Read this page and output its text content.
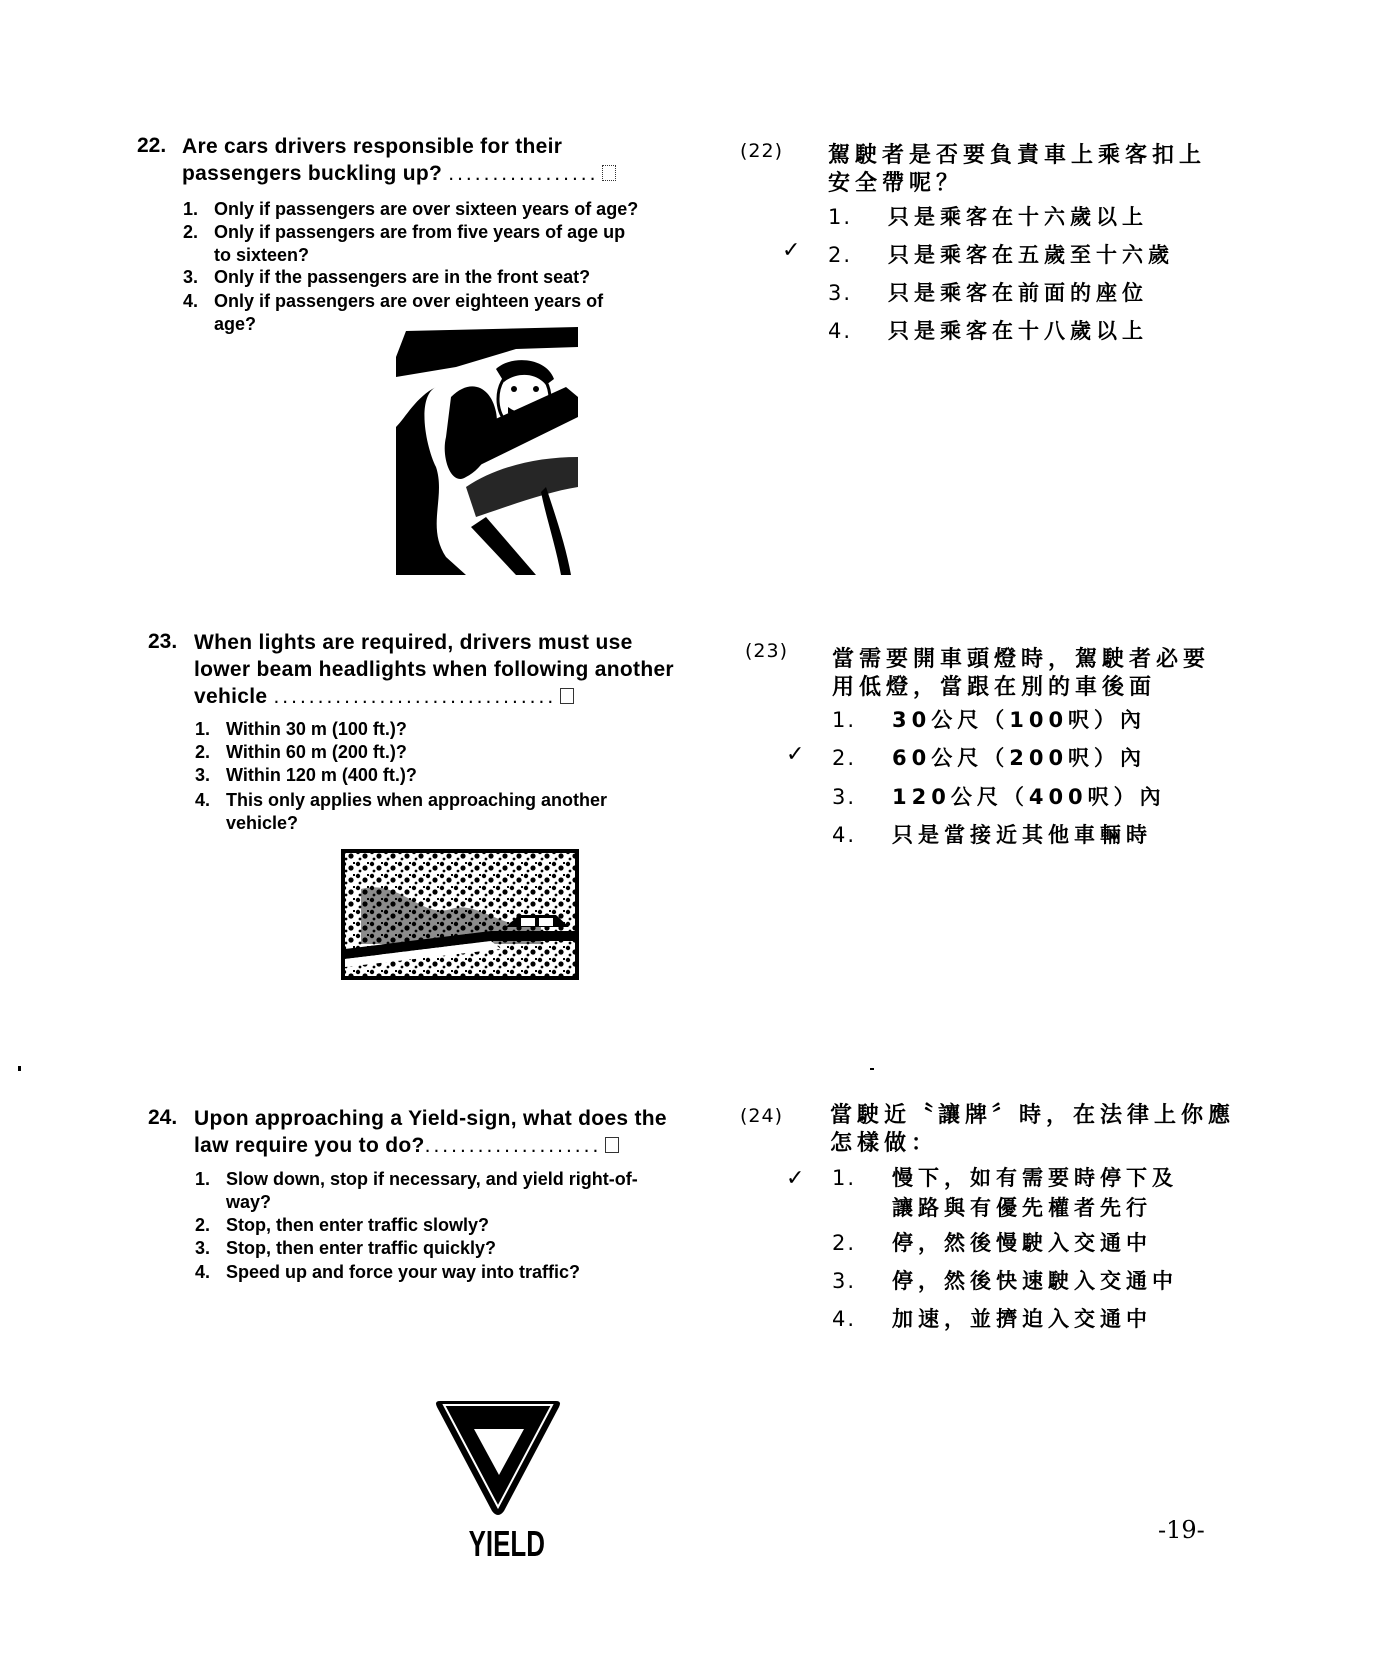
22. Are cars drivers responsible for their
passengers buckling up? .................
1. Only if passengers are over sixteen years of age?
2. Only if passengers are from five years of age up
to sixteen?
3. Only if the passengers are in the front seat?
4. Only if passengers are over eighteen years of
age?
(22) 駕駛者是否要負責車上乘客扣上
安全帶呢？
1. 只是乘客在十六歲以上
✓ 2. 只是乘客在五歲至十六歲
3. 只是乘客在前面的座位
4. 只是乘客在十八歲以上
23. When lights are required, drivers must use
lower beam headlights when following another
vehicle ................................
1. Within 30 m (100 ft.)?
2. Within 60 m (200 ft.)?
3. Within 120 m (400 ft.)?
4. This only applies when approaching another
vehicle?
(23) 當需要開車頭燈時，駕駛者必要
用低燈，當跟在別的車後面
1. 30公尺（100呎）內
✓ 2. 60公尺（200呎）內
3. 120公尺（400呎）內
4. 只是當接近其他車輛時
24. Upon approaching a Yield-sign, what does the
law require you to do?....................
1. Slow down, stop if necessary, and yield right-of-
way?
2. Stop, then enter traffic slowly?
3. Stop, then enter traffic quickly?
4. Speed up and force your way into traffic?
YIELD
(24) 當駛近〝讓牌〞時，在法律上你應
怎樣做：
✓ 1. 慢下，如有需要時停下及
讓路與有優先權者先行
2. 停，然後慢駛入交通中
3. 停，然後快速駛入交通中
4. 加速，並擠迫入交通中
-19-
